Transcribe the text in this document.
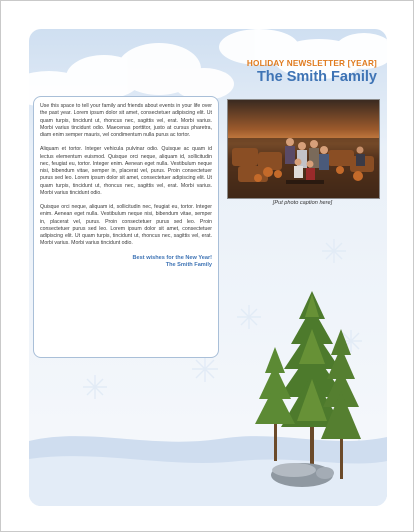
HOLIDAY NEWSLETTER [YEAR]
The Smith Family

Use this space to tell your family and friends about events in your life over the past year. Lorem ipsum dolor sit amet, consectetuer adipiscing elit. Ut quam turpis, tincidunt ut, rhoncus nec, sagittis vel, erat. Morbi varius. Morbi varius tincidunt odio. Maecenas porttitor, justo at cursus pharetra, diam enim semper mauris, vel condimentum nulla purus ac tortor.

Aliquam et tortor. Integer vehicula pulvinar odio. Quisque ac quam id lectus elementum euismod. Quisque orci neque, aliquam id, sollicitudin nec, feugiat eu, tortor. Integer enim. Aenean eget nulla. Vestibulum neque nisi, bibendum vitae, semper in, placerat vel, purus. Proin consectetuer purus sed leo. Lorem ipsum dolor sit amet, consectetuer adipiscing elit. Ut quam turpis, tincidunt ut, rhoncus nec, sagittis vel, erat. Morbi varius. Morbi varius tincidunt odio.

Quisque orci neque, aliquam id, sollicitudin nec, feugiat eu, tortor. Integer enim. Aenean eget nulla. Vestibulum neque nisi, bibendum vitae, semper in, placerat vel, purus. Proin consectetuer purus sed leo. Proin consectetuer purus sed leo. Lorem ipsum dolor sit amet, consectetuer adipiscing elit. Ut quam turpis, tincidunt ut, rhoncus nec, sagittis vel, erat. Morbi varius. Morbi varius tincidunt odio.

Best wishes for the New Year!
The Smith Family
[Put photo caption here]
